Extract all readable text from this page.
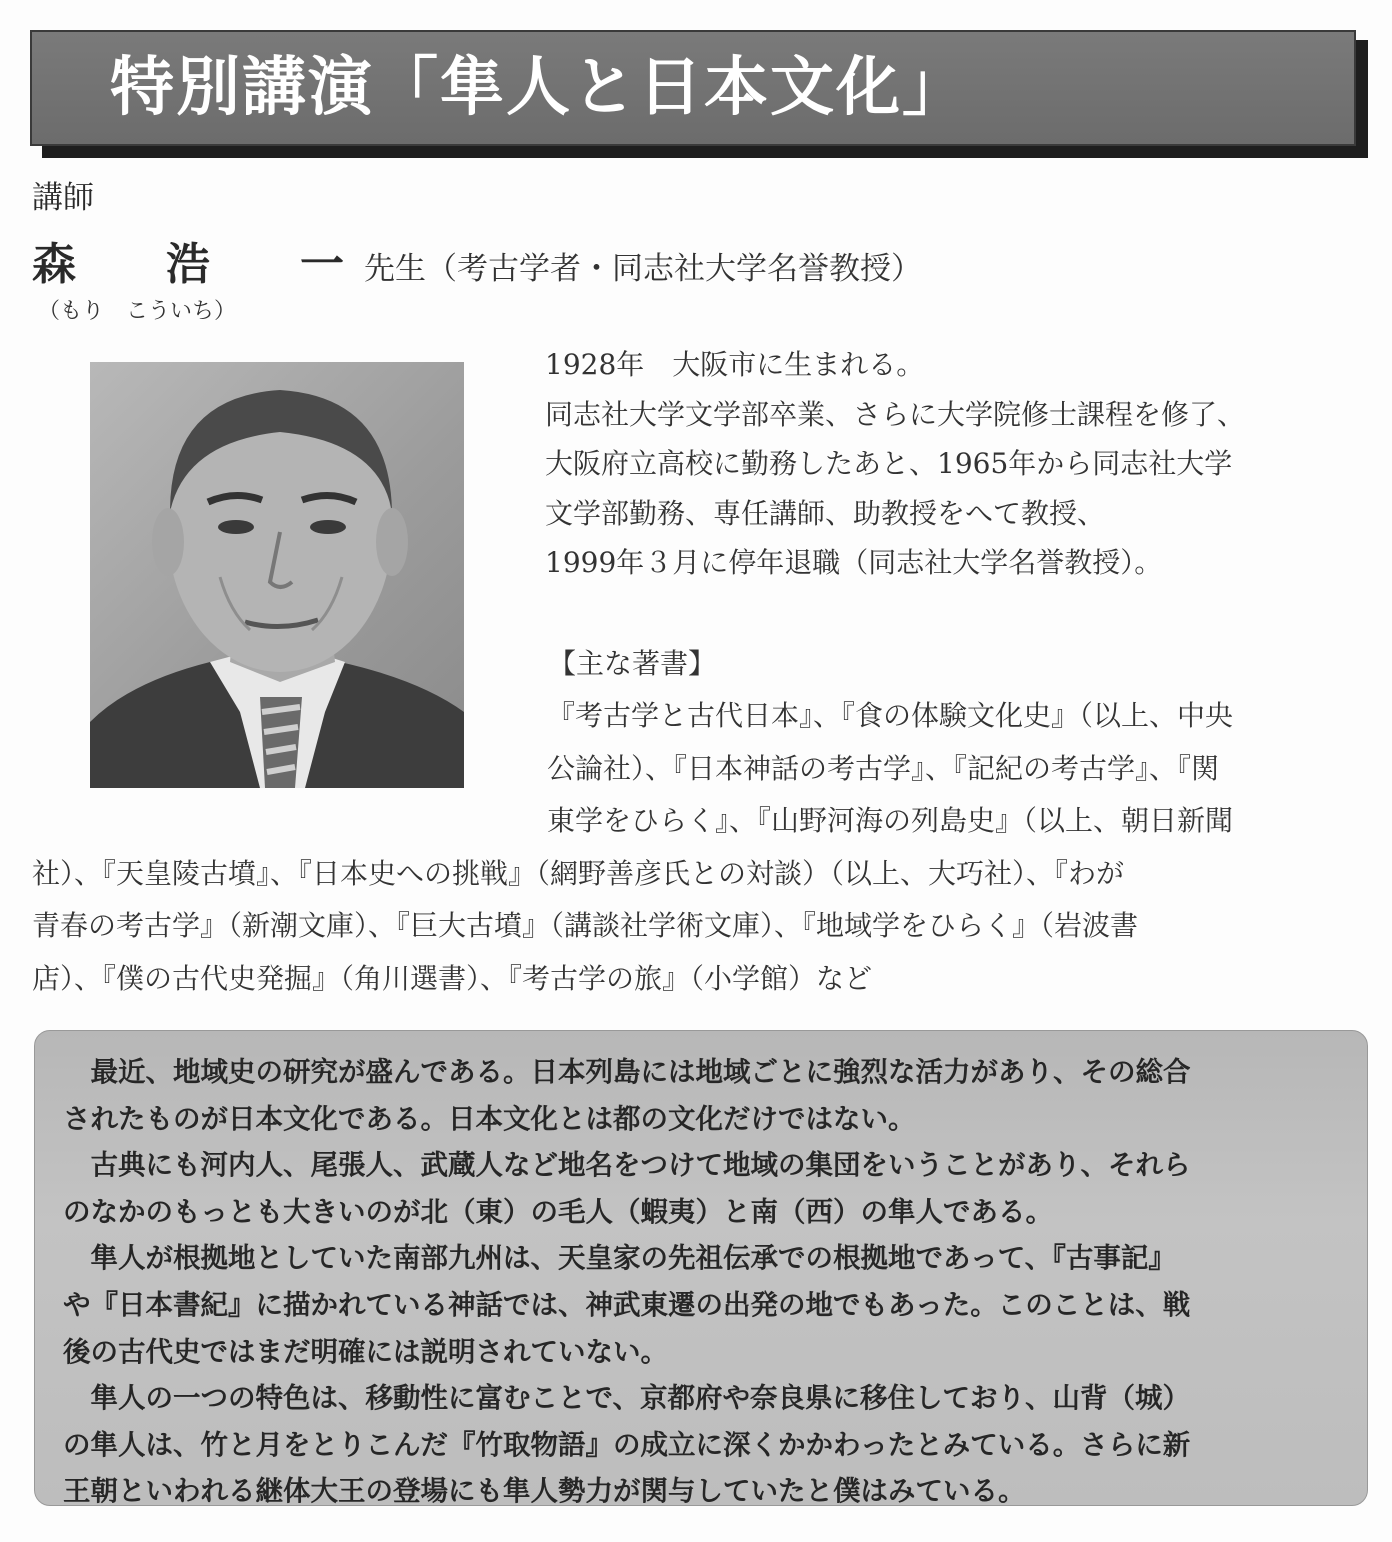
特別講演「隼人と日本文化」
講師
森浩一先生（考古学者・同志社大学名誉教授）
（もり　こういち）

1928年　大阪市に生まれる。

同志社大学文学部卒業、さらに大学院修士課程を修了、

大阪府立高校に勤務したあと、1965年から同志社大学

文学部勤務、専任講師、助教授をへて教授、

1999年３月に停年退職（同志社大学名誉教授）。

【主な著書】

『考古学と古代日本』、『食の体験文化史』（以上、中央

公論社）、『日本神話の考古学』、『記紀の考古学』、『関

東学をひらく』、『山野河海の列島史』（以上、朝日新聞

社）、『天皇陵古墳』、『日本史への挑戦』（網野善彦氏との対談）（以上、大巧社）、『わが

青春の考古学』（新潮文庫）、『巨大古墳』（講談社学術文庫）、『地域学をひらく』（岩波書

店）、『僕の古代史発掘』（角川選書）、『考古学の旅』（小学館）など

　最近、地域史の研究が盛んである。日本列島には地域ごとに強烈な活力があり、その総合

されたものが日本文化である。日本文化とは都の文化だけではない。

　古典にも河内人、尾張人、武蔵人など地名をつけて地域の集団をいうことがあり、それら

のなかのもっとも大きいのが北（東）の毛人（蝦夷）と南（西）の隼人である。

　隼人が根拠地としていた南部九州は、天皇家の先祖伝承での根拠地であって、『古事記』

や『日本書紀』に描かれている神話では、神武東遷の出発の地でもあった。このことは、戦

後の古代史ではまだ明確には説明されていない。

　隼人の一つの特色は、移動性に富むことで、京都府や奈良県に移住しており、山背（城）

の隼人は、竹と月をとりこんだ『竹取物語』の成立に深くかかわったとみている。さらに新

王朝といわれる継体大王の登場にも隼人勢力が関与していたと僕はみている。
